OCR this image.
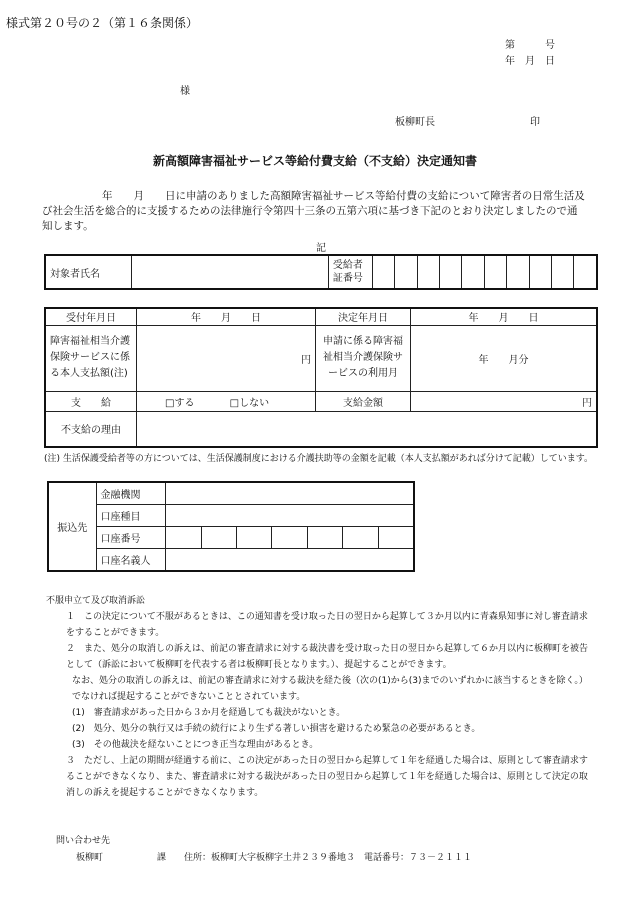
様式第２０号の２（第１６条関係）
第　　　号
年　月　日
様
板柳町長	印
新高額障害福祉サービス等給付費支給（不支給）決定通知書
年　　月　　日に申請のありました高額障害福祉サービス等給付費の支給について障害者の日常生活及び社会生活を総合的に支援するための法律施行令第四十三条の五第六項に基づき下記のとおり決定しましたので通知します。
記
対象者氏名		受給者証番号										
受付年月日	年　　月　　日	決定年月日	年　　月　　日
障害福祉相当介護保険サービスに係る本人支払額(注)	円	申請に係る障害福祉相当介護保険サービスの利用月	年　　月分
支　　給	□する □しない	支給金額	円
不支給の理由			
(注) 生活保護受給者等の方については、生活保護制度における介護扶助等の金額を記載（本人支払額があれば分けて記載）しています。
振込先	金融機関							
	口座種目							
	口座番号							
	口座名義人							

不服申立て及び取消訴訟

１　この決定について不服があるときは、この通知書を受け取った日の翌日から起算して３か月以内に青森県知事に対し審査請求をすることができます。

２　また、処分の取消しの訴えは、前記の審査請求に対する裁決書を受け取った日の翌日から起算して６か月以内に板柳町を被告として（訴訟において板柳町を代表する者は板柳町長となります。）、提起することができます。

なお、処分の取消しの訴えは、前記の審査請求に対する裁決を経た後（次の(1)から(3)までのいずれかに該当するときを除く。）でなければ提起することができないこととされています。

(1)　審査請求があった日から３か月を経過しても裁決がないとき。

(2)　処分、処分の執行又は手続の続行により生ずる著しい損害を避けるため緊急の必要があるとき。

(3)　その他裁決を経ないことにつき正当な理由があるとき。

３　ただし、上記の期間が経過する前に、この決定があった日の翌日から起算して１年を経過した場合は、原則として審査請求することができなくなり、また、審査請求に対する裁決があった日の翌日から起算して１年を経過した場合は、原則として決定の取消しの訴えを提起することができなくなります。

問い合わせ先
板柳町　　　　　　課　　住所：板柳町大字板柳字土井２３９番地３　電話番号：７３－２１１１
